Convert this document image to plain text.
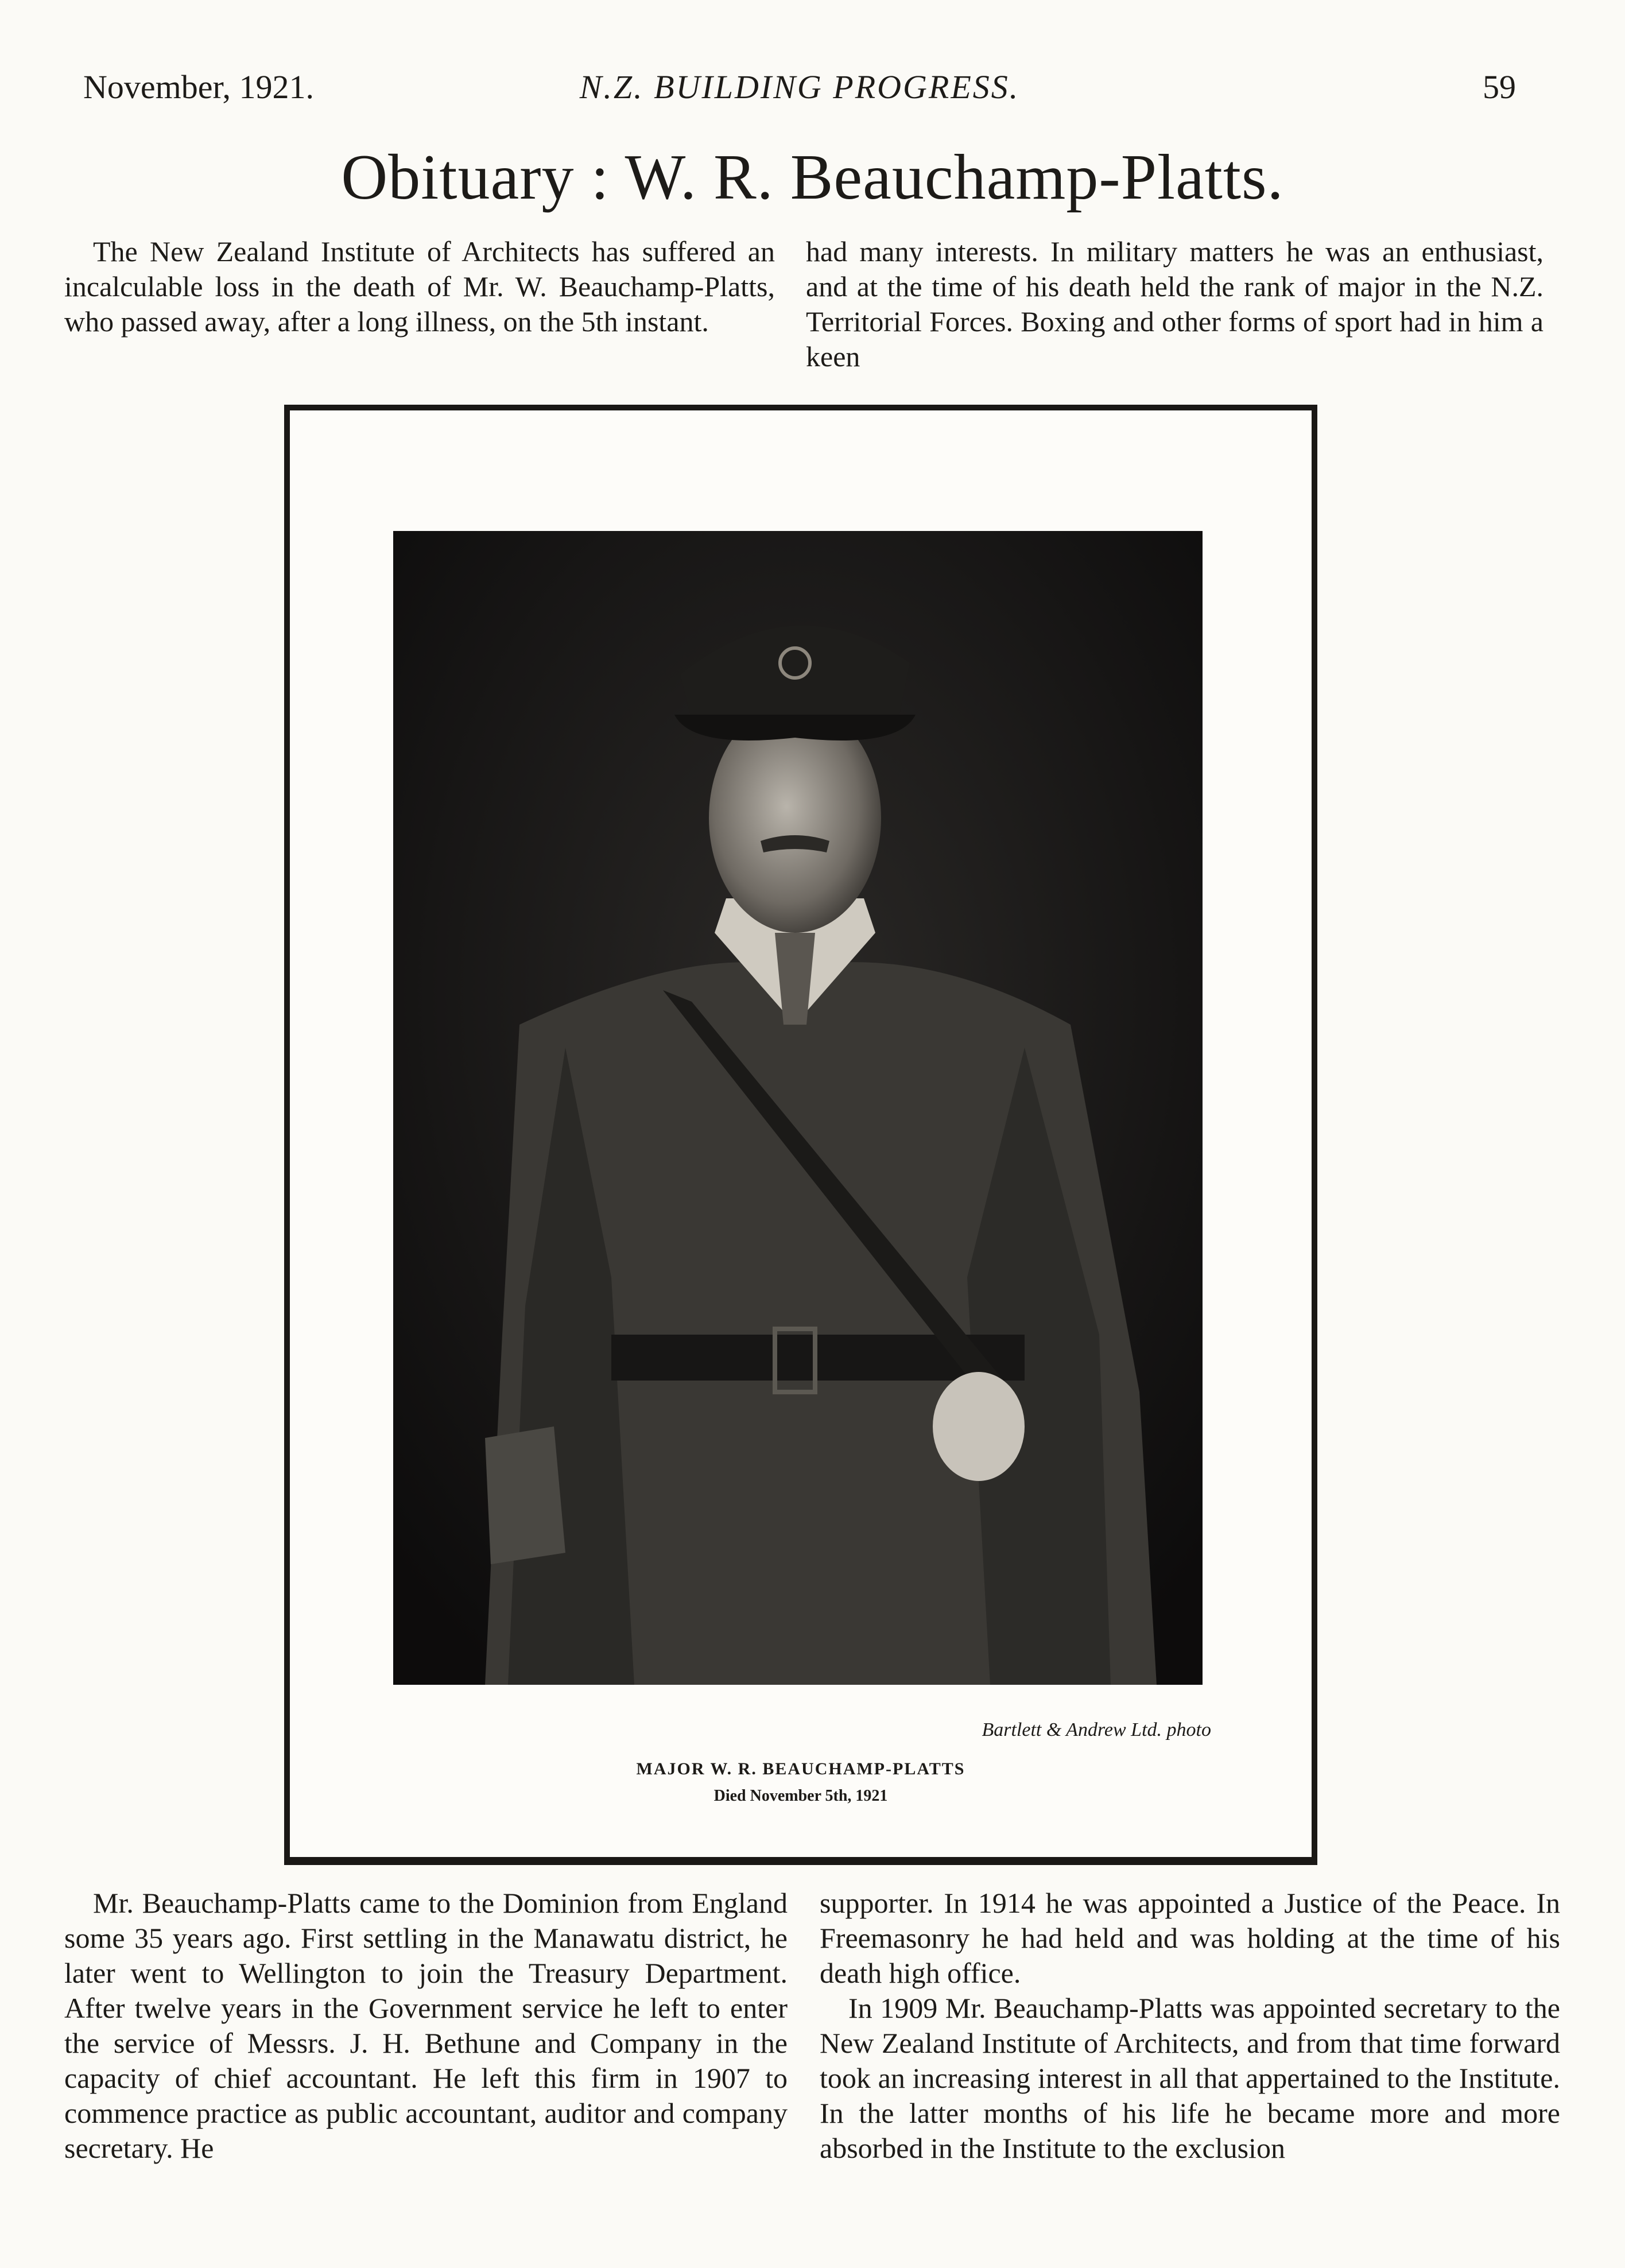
November, 1921.	N.Z. BUILDING PROGRESS.	59
Obituary : W. R. Beauchamp-Platts.

The New Zealand Institute of Architects has suffered an incalculable loss in the death of Mr. W. Beauchamp-Platts, who passed away, after a long illness, on the 5th instant.

had many interests. In military matters he was an enthusiast, and at the time of his death held the rank of major in the N.Z. Territorial Forces. Boxing and other forms of sport had in him a keen

Bartlett & Andrew Ltd. photo
MAJOR W. R. BEAUCHAMP-PLATTS
Died November 5th, 1921

Mr. Beauchamp-Platts came to the Dominion from England some 35 years ago. First settling in the Manawatu district, he later went to Wellington to join the Treasury Department. After twelve years in the Government service he left to enter the service of Messrs. J. H. Bethune and Company in the capacity of chief accountant. He left this firm in 1907 to commence practice as public accountant, auditor and company secretary. He

supporter. In 1914 he was appointed a Justice of the Peace. In Freemasonry he had held and was holding at the time of his death high office.

In 1909 Mr. Beauchamp-Platts was appointed secretary to the New Zealand Institute of Architects, and from that time forward took an increasing interest in all that appertained to the Institute. In the latter months of his life he became more and more absorbed in the Institute to the exclusion
